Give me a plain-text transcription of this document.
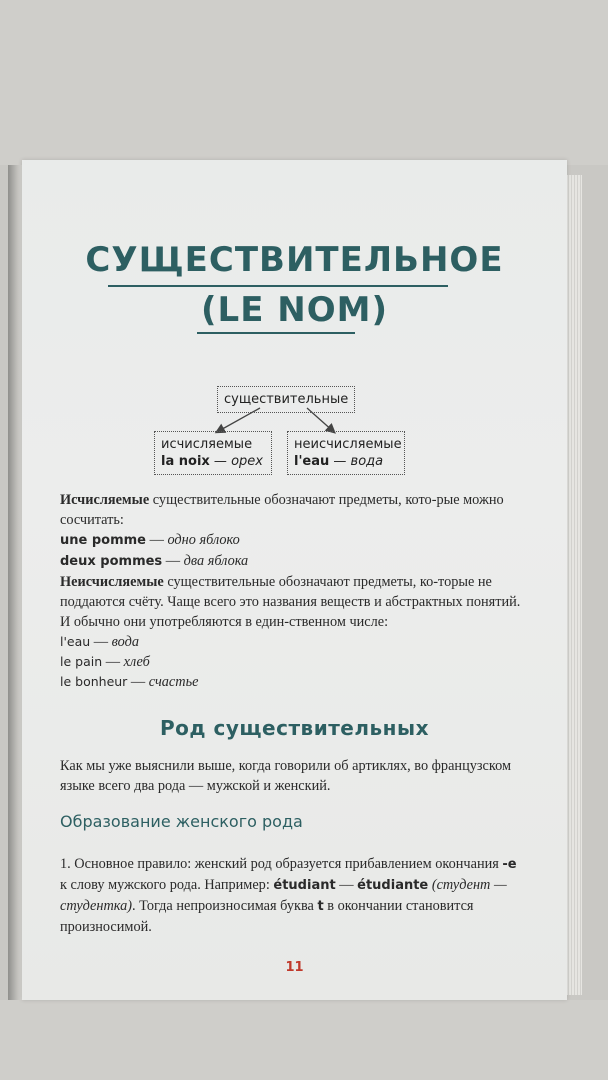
СУЩЕСТВИТЕЛЬНОЕ
(LE NOM)
существительные
исчисляемые
la noix — орех
неисчисляемые
l'eau — вода

Исчисляемые существительные обозначают предметы, кото-рые можно сосчитать:

une pomme — одно яблоко

deux pommes — два яблока

Неисчисляемые существительные обозначают предметы, ко-торые не поддаются счёту. Чаще всего это названия веществ и абстрактных понятий. И обычно они употребляются в един-ственном числе:

l'eau — вода

le pain — хлеб

le bonheur — счастье

Род существительных

Как мы уже выяснили выше, когда говорили об артиклях, во французском языке всего два рода — мужской и женский.

Образование женского рода

1. Основное правило: женский род образуется прибавлением окончания -e к слову мужского рода. Например: étudiant — étudiante (студент — студентка). Тогда непроизносимая буква t в окончании становится произносимой.

11
